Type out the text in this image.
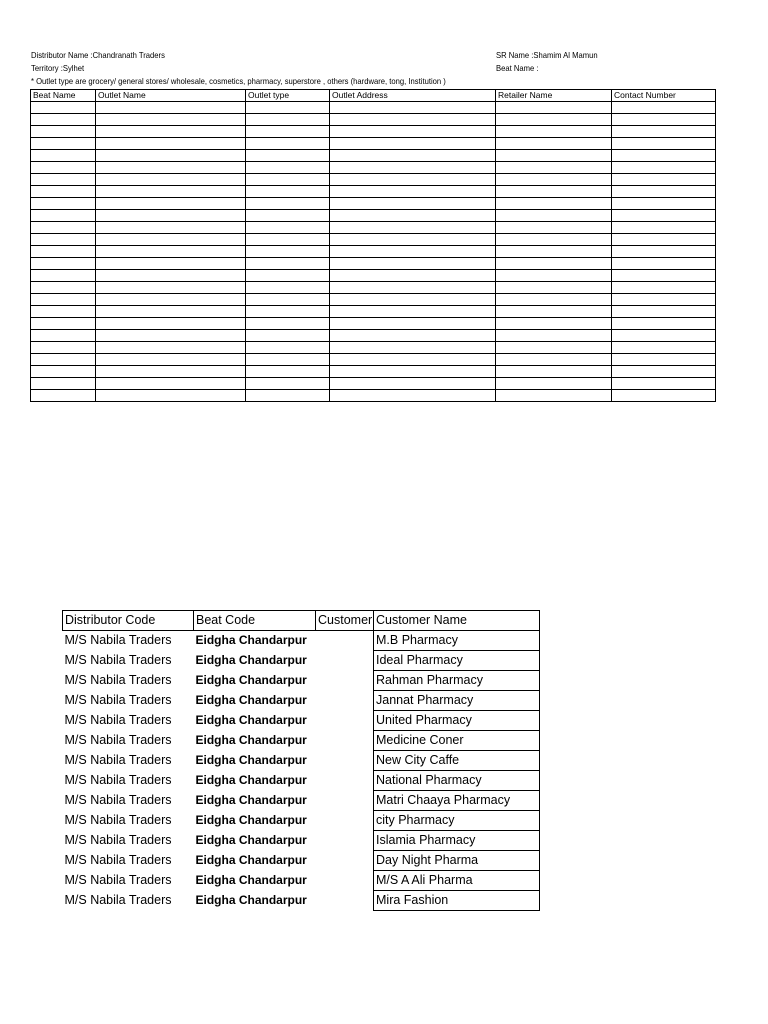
Distributor Name :Chandranath Traders
Territory :Sylhet
* Outlet type are grocery/ general stores/ wholesale, cosmetics, pharmacy, superstore , others (hardware, tong, Institution )
SR Name :Shamim Al Mamun
Beat Name :
Beat Name	Outlet Name	Outlet type	Outlet Address	Retailer Name	Contact Number

Distributor Code	Beat Code	Customer	Customer Name
M/S Nabila Traders	Eidgha Chandarpur		M.B Pharmacy
M/S Nabila Traders	Eidgha Chandarpur		Ideal Pharmacy
M/S Nabila Traders	Eidgha Chandarpur		Rahman Pharmacy
M/S Nabila Traders	Eidgha Chandarpur		Jannat Pharmacy
M/S Nabila Traders	Eidgha Chandarpur		United Pharmacy
M/S Nabila Traders	Eidgha Chandarpur		Medicine Coner
M/S Nabila Traders	Eidgha Chandarpur		New City Caffe
M/S Nabila Traders	Eidgha Chandarpur		National Pharmacy
M/S Nabila Traders	Eidgha Chandarpur		Matri Chaaya Pharmacy
M/S Nabila Traders	Eidgha Chandarpur		city Pharmacy
M/S Nabila Traders	Eidgha Chandarpur		Islamia Pharmacy
M/S Nabila Traders	Eidgha Chandarpur		Day Night Pharma
M/S Nabila Traders	Eidgha Chandarpur		M/S A Ali Pharma
M/S Nabila Traders	Eidgha Chandarpur		Mira Fashion
